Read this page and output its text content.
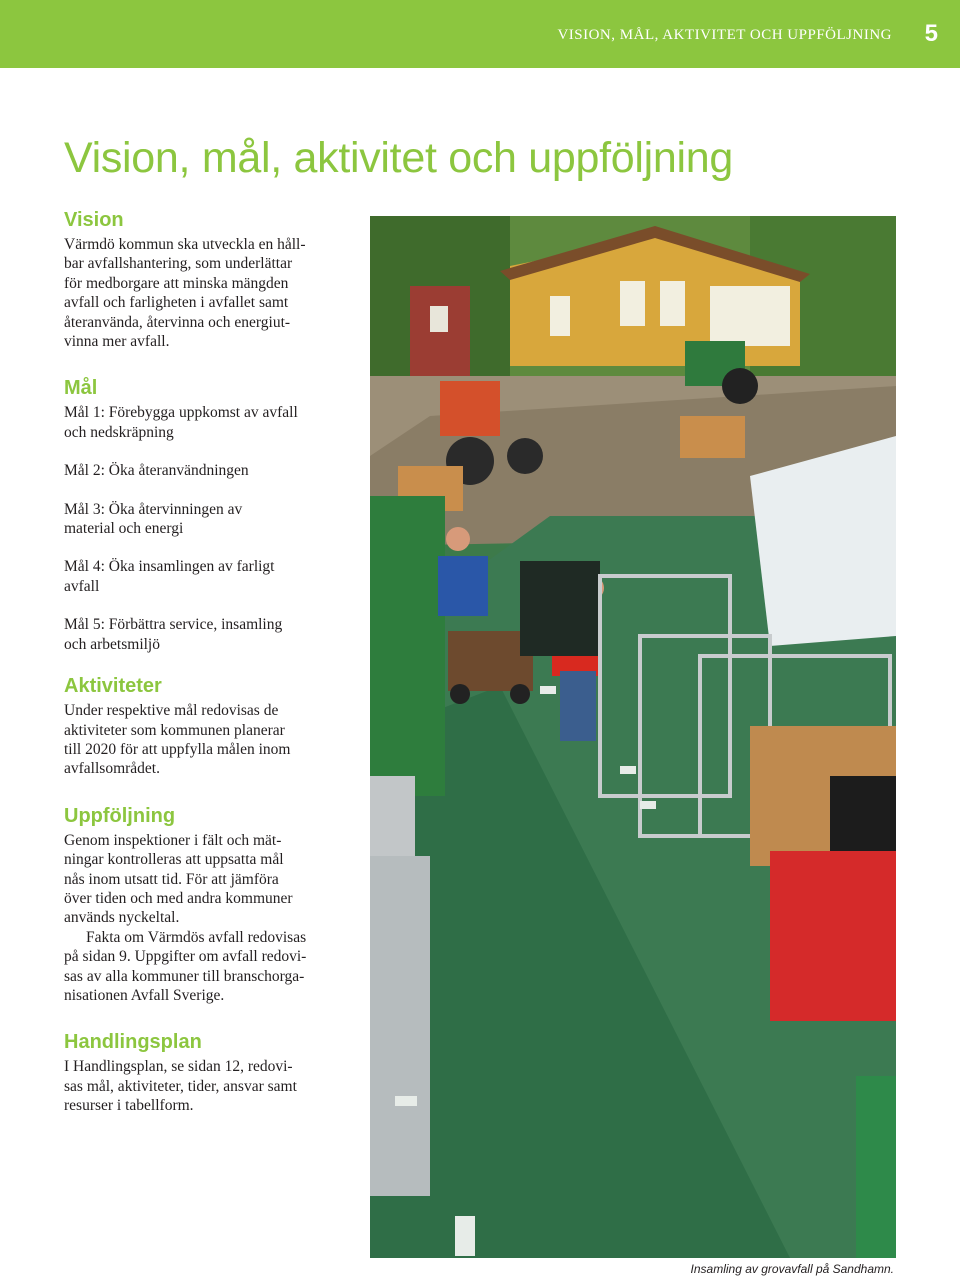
VISION, MÅL, AKTIVITET OCH UPPFÖLJNING 5
Vision, mål, aktivitet och uppföljning
Vision

Värmdö kommun ska utveckla en håll-
bar avfallshantering, som underlättar
för medborgare att minska mängden
avfall och farligheten i avfallet samt
återanvända, återvinna och energiut-
vinna mer avfall.

Mål

Mål 1: Förebygga uppkomst av avfall
och nedskräpning

Mål 2: Öka återanvändningen

Mål 3: Öka återvinningen av
material och energi

Mål 4: Öka insamlingen av farligt
avfall

Mål 5: Förbättra service, insamling
och arbetsmiljö

Aktiviteter

Under respektive mål redovisas de
aktiviteter som kommunen planerar
till 2020 för att uppfylla målen inom
avfallsområdet.

Uppföljning

Genom inspektioner i fält och mät-
ningar kontrolleras att uppsatta mål
nås inom utsatt tid. För att jämföra
över tiden och med andra kommuner
används nyckeltal.
Fakta om Värmdös avfall redovisas
på sidan 9. Uppgifter om avfall redovi-
sas av alla kommuner till branschorga-
nisationen Avfall Sverige.

Handlingsplan

I Handlingsplan, se sidan 12, redovi-
sas mål, aktiviteter, tider, ansvar samt
resurser i tabellform.

Insamling av grovavfall på Sandhamn.
